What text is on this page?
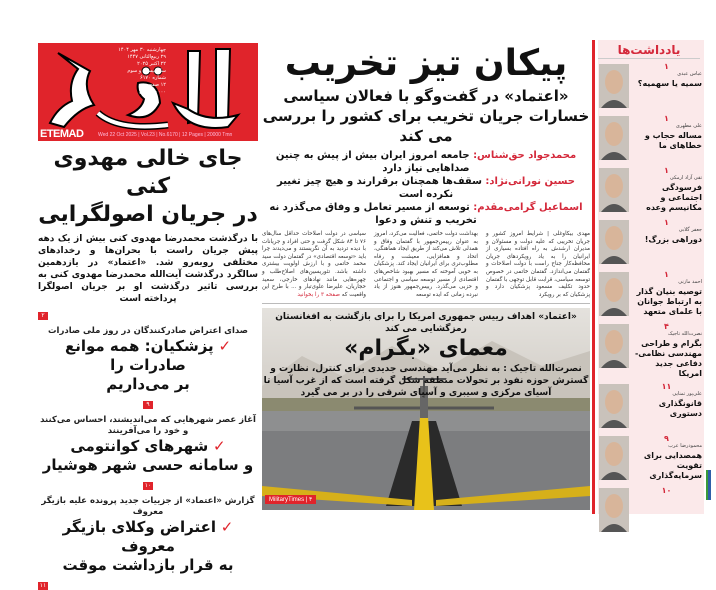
چهارشنبه ۳۰ مهر ۱۴۰۴
۲۹ ربیع‌الثانی ۱۴۴۷
۲۲ اکتبر ۲۰۲۵
سال بیست و سوم
شماره ۶۱۷۰
۱۲ صفحه
۲۰۰۰۰ تومان
ETEMAD	Wed 22 Oct 2025 | Vol.23 | No.6170 | 12 Pages | 20000 Tmn
جای خالی مهدوی کنی
در جریان اصولگرایی
با درگذشت محمدرضا مهدوی کنی بیش از یک دهه پیش جریان راست با بحران‌ها و رخدادهای مختلفی روبه‌رو شد. «اعتماد» در یازدهمین سالگرد درگذشت آیت‌الله محمدرضا مهدوی کنی به بررسی تاثیر درگذشت او بر جریان اصولگرا پرداخته است
۲
صدای اعتراض صادرکنندگان در روز ملی صادرات
✓ پزشکیان: همه موانع صادرات را
بر می‌داریم
۹
آغاز عصر شهرهایی که می‌اندیشند، احساس می‌کنند و خود را می‌آفرینند
✓ شهرهای کوانتومی
و سامانه حسی شهر هوشیار
۱۰
گزارش «اعتماد» از جزییات جدید پرونده علیه بازیگر معروف
✓ اعتراض وکلای بازیگر معروف
به قرار بازداشت موقت
۱۱
پیکان تیز تخریب
«اعتماد» در گفت‌وگو با فعالان سیاسی
خسارات جریان تخریب برای کشور را بررسی می کند
محمدجواد حق‌شناس: جامعه امروز ایران بیش از پیش به چنین صداهایی نیاز دارد
حسین نورانی‌نژاد: سقف‌ها همچنان برقرارند و هیچ چیز تغییر نکرده است
اسماعیل گرامی‌مقدم: توسعه از مسیر تعامل و وفاق می‌گذرد نه تخریب و تنش و دعوا
مهدی بیکاوغلی | شرایط امروز کشور و جریان تخریبی که علیه دولت و مسئولان و مدیران ارشدش به راه افتاده بسیاری از ایرانیان را به یاد رویکردهای جریان محافظه‌کار جناح راست با دولت اصلاحات و گفتمان می‌اندازد. گفتمان خاتمی در خصوص توسعه سیاسی، قرابت قابل توجهی با گفتمان حدود تکلیف مسعود پزشکیان دارد و پزشکیان که بر رویکرد
بهداشت دولت خاتمی، فعالیت می‌کرد، امروز به عنوان رییس‌جمهور با گفتمان وفاق و همدلی تلاش می‌کند از طریق ایجاد هماهنگی، اتحاد و همافزایی، معیشت و رفاه مطلوب‌تری برای ایرانیان ایجاد کند. پزشکیان به خوبی آموخته که مسیر بهبود شاخص‌های اقتصادی از مسیر توسعه سیاسی و اجتماعی و حزبی می‌گذرد. رییس‌جمهور هنوز از یاد نبرده زمانی که ایده توسعه
سیاسی در دولت اصلاحات حداقل سال‌های ۷۶ تا ۸۴ شکل گرفت و حتی افراد و جریانات با دیده تردید به آن نگریستند و می‌دیدند چرا باید «توسعه اقتصادی» در گفتمان دولت سید محمد خاتمی و با ارزش اولویت بیشتری داشته باشد. تئوریسین‌های اصلاح‌طلب و چهره‌هایی مانند نهادهای خارجی، سعید حجاریان، علیرضا علوی‌تبار و ... با طرح این واقعیت که صفحه ۳ را بخوانید
«اعتماد» اهداف رییس جمهوری امریکا را برای بازگشت به افغانستان رمزگشایی می کند
معمای «بگرام»
نصرت‌الله تاجیک : به نظر می‌آید مهندسی جدیدی برای کنترل، نظارت و گسترش حوزه نفوذ بر تحولات منطقه شکل گرفته است که از غرب آسیا تا آسیای مرکزی و سیبری و آسیای شرقی را در بر می گیرد
MilitaryTimes | ۴
یادداشت‌ها
۱
عباس عبدی
سمیه یا سهمیه؟
۱
علی مطهری
مساله حجاب و خطاهای ما
۱
تقی آزاد ارمکی
فرسودگی اجتماعی و مکانیسم وعده
۱
جعفر گلابی
دوراهی بزرگ!
۱
احمد مازنی
توصیه بنیان گذار به ارتباط جوانان با علمای متعهد
۴
نصرت‌الله تاجیک
بگرام و طراحی مهندسی نظامی- دفاعی جدید امریکا
۱۱
علی‌پور تمنایی
قانونگذاری دستوری
۹
محمودرضا عرب
همصدایی برای تقویت سرمایه‌گذاری
۱۰
